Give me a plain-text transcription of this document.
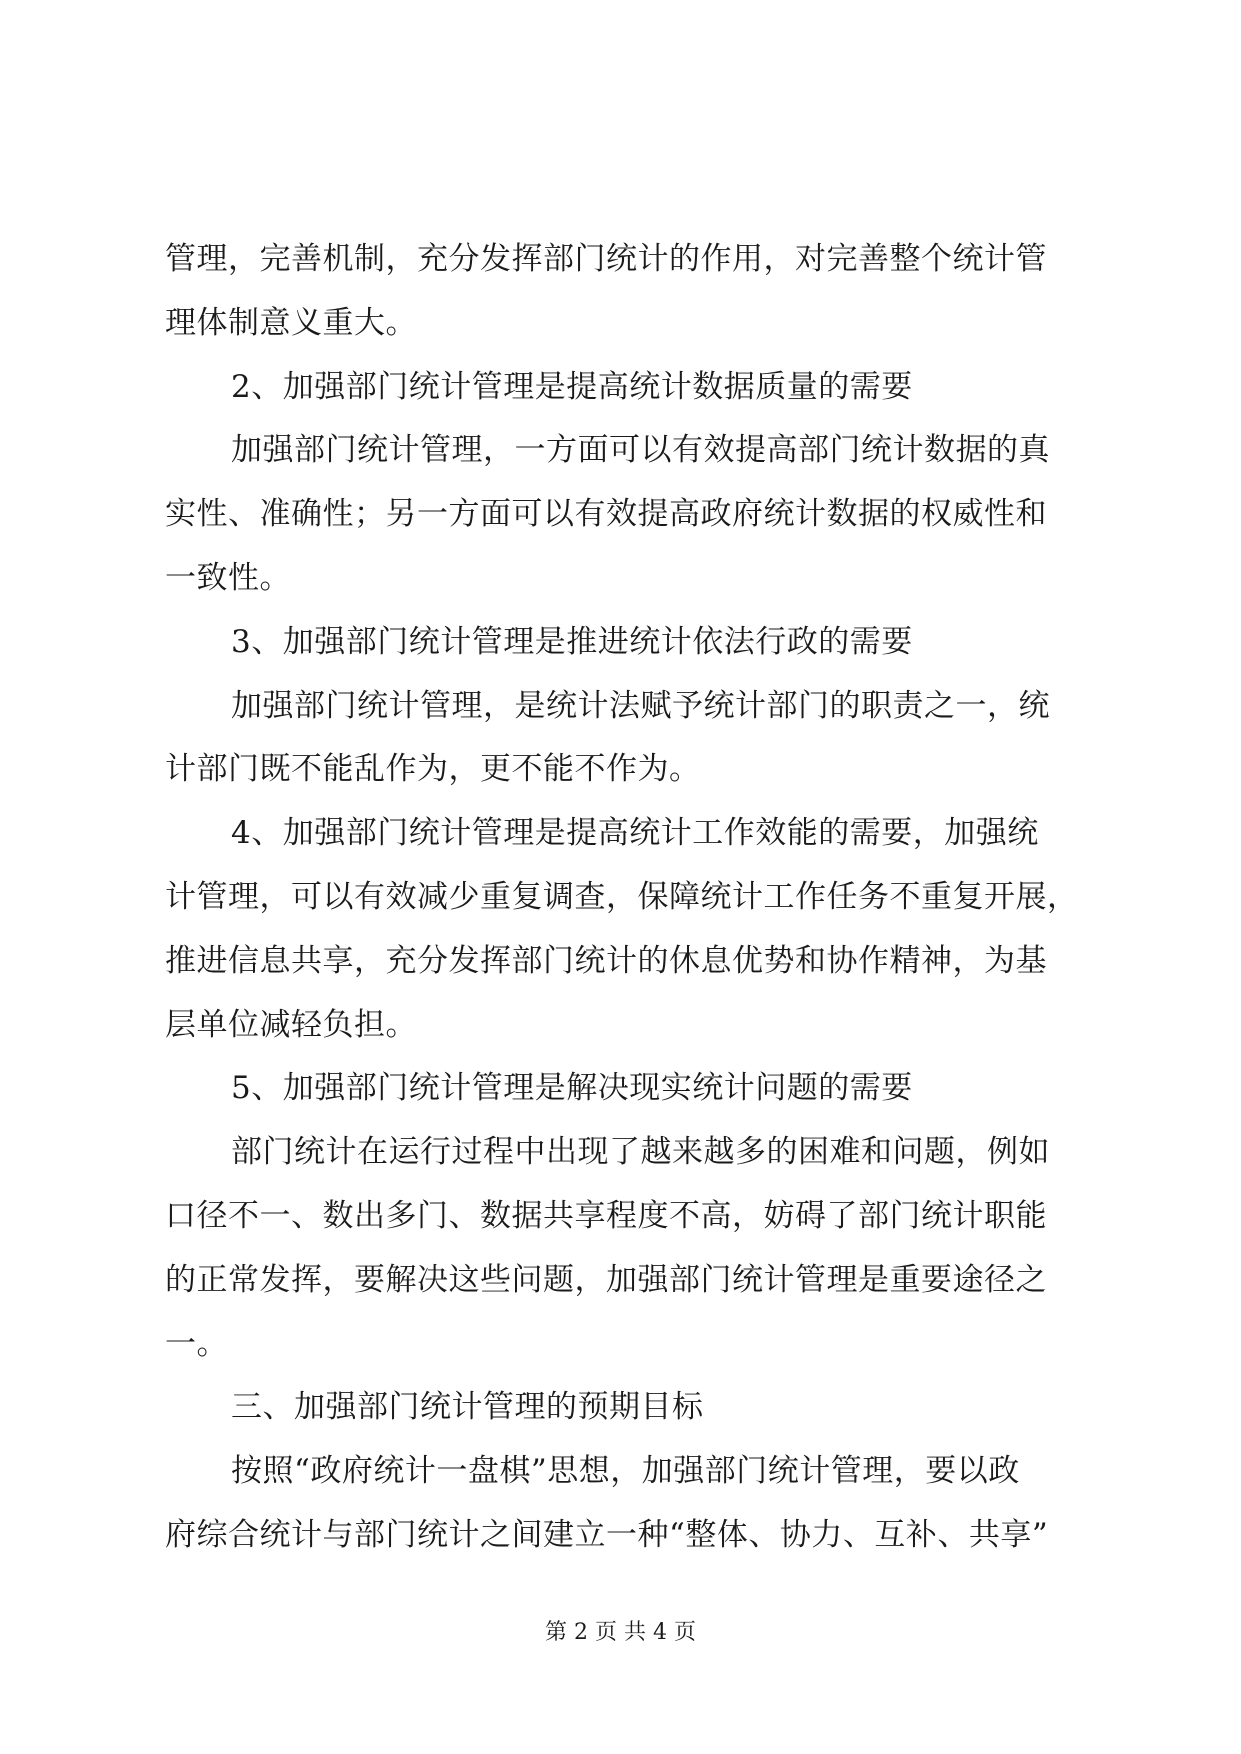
管理，完善机制，充分发挥部门统计的作用，对完善整个统计管
理体制意义重大。
2、加强部门统计管理是提高统计数据质量的需要
加强部门统计管理，一方面可以有效提高部门统计数据的真
实性、准确性；另一方面可以有效提高政府统计数据的权威性和
一致性。
3、加强部门统计管理是推进统计依法行政的需要
加强部门统计管理，是统计法赋予统计部门的职责之一，统
计部门既不能乱作为，更不能不作为。
4、加强部门统计管理是提高统计工作效能的需要，加强统
计管理，可以有效减少重复调查，保障统计工作任务不重复开展，
推进信息共享，充分发挥部门统计的休息优势和协作精神，为基
层单位减轻负担。
5、加强部门统计管理是解决现实统计问题的需要
部门统计在运行过程中出现了越来越多的困难和问题，例如
口径不一、数出多门、数据共享程度不高，妨碍了部门统计职能
的正常发挥，要解决这些问题，加强部门统计管理是重要途径之
一。
三、加强部门统计管理的预期目标
按照“政府统计一盘棋”思想，加强部门统计管理，要以政
府综合统计与部门统计之间建立一种“整体、协力、互补、共享”
第 2 页 共 4 页
